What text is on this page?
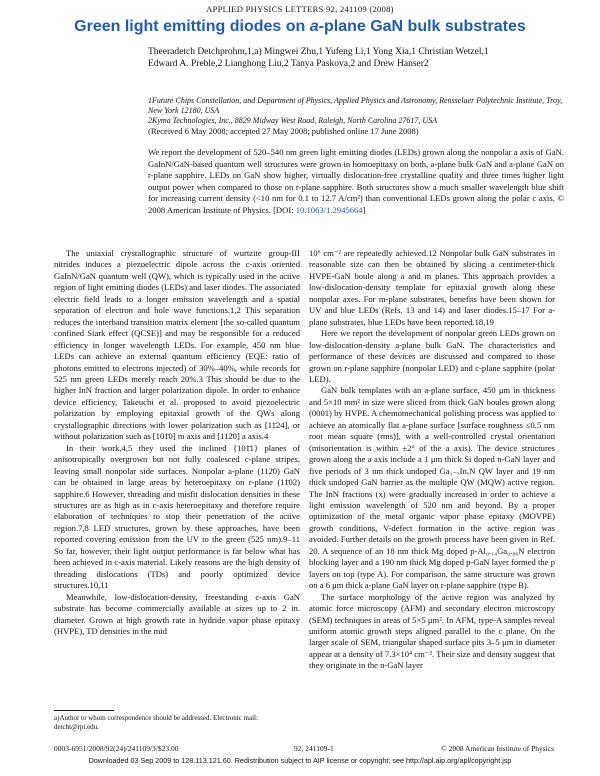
APPLIED PHYSICS LETTERS 92, 241109 (2008)
Green light emitting diodes on a-plane GaN bulk substrates
Theeradetch Detchprohm,1,a) Mingwei Zhu,1 Yufeng Li,1 Yong Xia,1 Christian Wetzel,1
Edward A. Preble,2 Lianghong Liu,2 Tanya Paskova,2 and Drew Hanser2
1Future Chips Constellation, and Department of Physics, Applied Physics and Astronomy, Rensselaer Polytechnic Institute, Troy, New York 12180, USA
2Kyma Technologies, Inc., 8829 Midway West Road, Raleigh, North Carolina 27617, USA
(Received 6 May 2008; accepted 27 May 2008; published online 17 June 2008)
We report the development of 520–540 nm green light emitting diodes (LEDs) grown along the nonpolar a axis of GaN. GaInN/GaN-based quantum well structures were grown in homoepitaxy on both, a-plane bulk GaN and a-plane GaN on r-plane sapphire. LEDs on GaN show higher, virtually dislocation-free crystalline quality and three times higher light output power when compared to those on r-plane sapphire. Both structures show a much smaller wavelength blue shift for increasing current density (<10 nm for 0.1 to 12.7 A/cm²) than conventional LEDs grown along the polar c axis. © 2008 American Institute of Physics. [DOI: 10.1063/1.2945664]

The uniaxial crystallographic structure of wurtzite group-III nitrides induces a piezoelectric dipole across the c-axis oriented GaInN/GaN quantum well (QW), which is typically used in the active region of light emitting diodes (LEDs) and laser diodes. The associated electric field leads to a longer emission wavelength and a spatial separation of electron and hole wave functions.1,2 This separation reduces the interband transition matrix element [the so-called quantum confined Stark effect (QCSE)] and may be responsible for a reduced efficiency in longer wavelength LEDs. For example, 450 nm blue LEDs can achieve an external quantum efficiency (EQE: ratio of photons emitted to electrons injected) of 30%–40%, while records for 525 nm green LEDs merely reach 20%.3 This should be due to the higher InN fraction and larger polarization dipole. In order to enhance device efficiency, Takeuchi et al. proposed to avoid piezoelectric polarization by employing epitaxial growth of the QWs along crystallographic directions with lower polarization such as [11̄24], or without polarization such as [101̄0] m axis and [112̄0] a axis.4

In their work,4,5 they used the inclined {101̄1} planes of anisotropically overgrown but not fully coalesced c-plane stripes, leaving small nonpolar side surfaces. Nonpolar a-plane (112̄0) GaN can be obtained in large areas by heteroepitaxy on r-plane (11̄02) sapphire.6 However, threading and misfit dislocation densities in these structures are as high as in c-axis heteroepitaxy and therefore require elaboration of techniques to stop their penetration of the active region.7,8 LED structures, grown by these approaches, have been reported covering emission from the UV to the green (525 nm).9–11 So far, however, their light output performance is far below what has been achieved in c-axis material. Likely reasons are the high density of threading dislocations (TDs) and poorly optimized device structures.10,11

Meanwhile, low-dislocation-density, freestanding c-axis GaN substrate has become commercially available at sizes up to 2 in. diameter. Grown at high growth rate in hydride vapor phase epitaxy (HVPE), TD densities in the mid

10⁶ cm⁻² are repeatedly achieved.12 Nonpolar bulk GaN substrates in reasonable size can then be obtained by slicing a centimeter-thick HVPE-GaN boule along a and m planes. This approach provides a low-dislocation-density template for epitaxial growth along these nonpolar axes. For m-plane substrates, benefits have been shown for UV and blue LEDs (Refs. 13 and 14) and laser diodes.15–17 For a-plane substrates, blue LEDs have been reported.18,19

Here we report the development of nonpolar green LEDs grown on low-dislocation-density a-plane bulk GaN. The characteristics and performance of these devices are discussed and compared to those grown on r-plane sapphire (nonpolar LED) and c-plane sapphire (polar LED).

GaN bulk templates with an a-plane surface, 450 μm in thickness and 5×10 mm² in size were sliced from thick GaN boules grown along (0001) by HVPE. A chemomechanical polishing process was applied to achieve an atomically flat a-plane surface [surface roughness ≤0.5 nm root mean square (rms)], with a well-controlled crystal orientation (misorientation is within ±2° of the a axis). The device structures grown along the a axis include a 1 μm thick Si doped n-GaN layer and five periods of 3 nm thick undoped Ga₁₋ₓInₓN QW layer and 19 nm thick undoped GaN barrier as the multiple QW (MQW) active region. The InN fractions (x) were gradually increased in order to achieve a light emission wavelength of 520 nm and beyond. By a proper optimization of the metal organic vapor phase epitaxy (MOVPE) growth conditions, V-defect formation in the active region was avoided. Further details on the growth process have been given in Ref. 20. A sequence of an 18 nm thick Mg doped p-Al₀.₁₄Ga₀.₈₆N electron blocking layer and a 190 nm thick Mg doped p-GaN layer formed the p layers on top (type A). For comparison, the same structure was grown on a 6 μm thick a-plane GaN layer on r-plane sapphire (type B).

The surface morphology of the active region was analyzed by atomic force microscopy (AFM) and secondary electron microscopy (SEM) techniques in areas of 5×5 μm². In AFM, type-A samples reveal uniform atomic growth steps aligned parallel to the c plane. On the larger scale of SEM, triangular shaped surface pits 3–5 μm in diameter appear at a density of 7.3×10⁴ cm⁻². Their size and density suggest that they originate in the n-GaN layer

a)Author to whom correspondence should be addressed. Electronic mail: detcht@rpi.edu.
0003-6951/2008/92(24)/241109/3/$23.00	92, 241109-1	© 2008 American Institute of Physics
Downloaded 03 Sep 2009 to 128.113.121.60. Redistribution subject to AIP license or copyright; see http://apl.aip.org/apl/copyright.jsp
